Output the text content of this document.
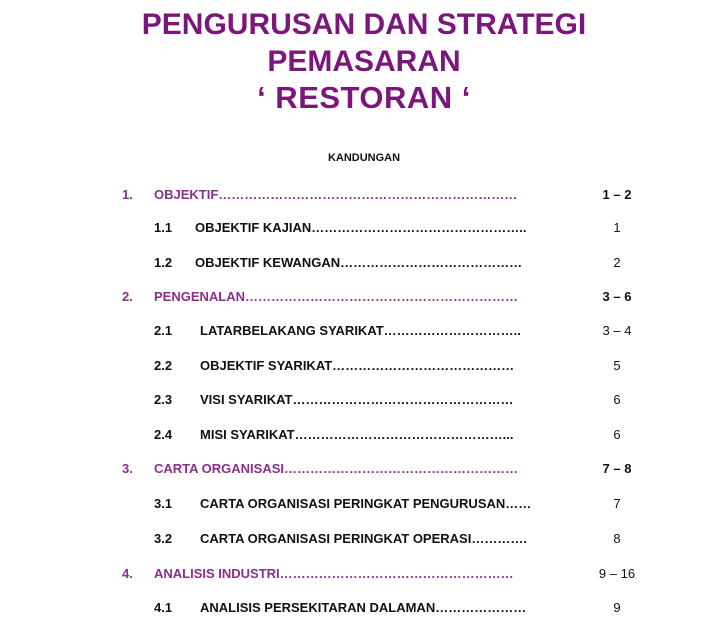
PENGURUSAN DAN STRATEGI
PEMASARAN
‘ RESTORAN ‘
KANDUNGAN
1. OBJEKTIF……………………………………………………………	1 – 2
1.1 OBJEKTIF KAJIAN…………………………………………..	1
1.2 OBJEKTIF KEWANGAN……………………………………	2
2. PENGENALAN………………………………………………………	3 – 6
2.1 LATARBELAKANG SYARIKAT…………………………..	3 – 4
2.2 OBJEKTIF SYARIKAT……………………………………	5
2.3 VISI SYARIKAT……………………………………………	6
2.4 MISI SYARIKAT…………………………………………...	6
3. CARTA ORGANISASI………………………………………………	7 – 8
3.1 CARTA ORGANISASI PERINGKAT PENGURUSAN……	7
3.2 CARTA ORGANISASI PERINGKAT OPERASI………….	8
4. ANALISIS INDUSTRI………………………………………………	9 – 16
4.1 ANALISIS PERSEKITARAN DALAMAN…………………	9
